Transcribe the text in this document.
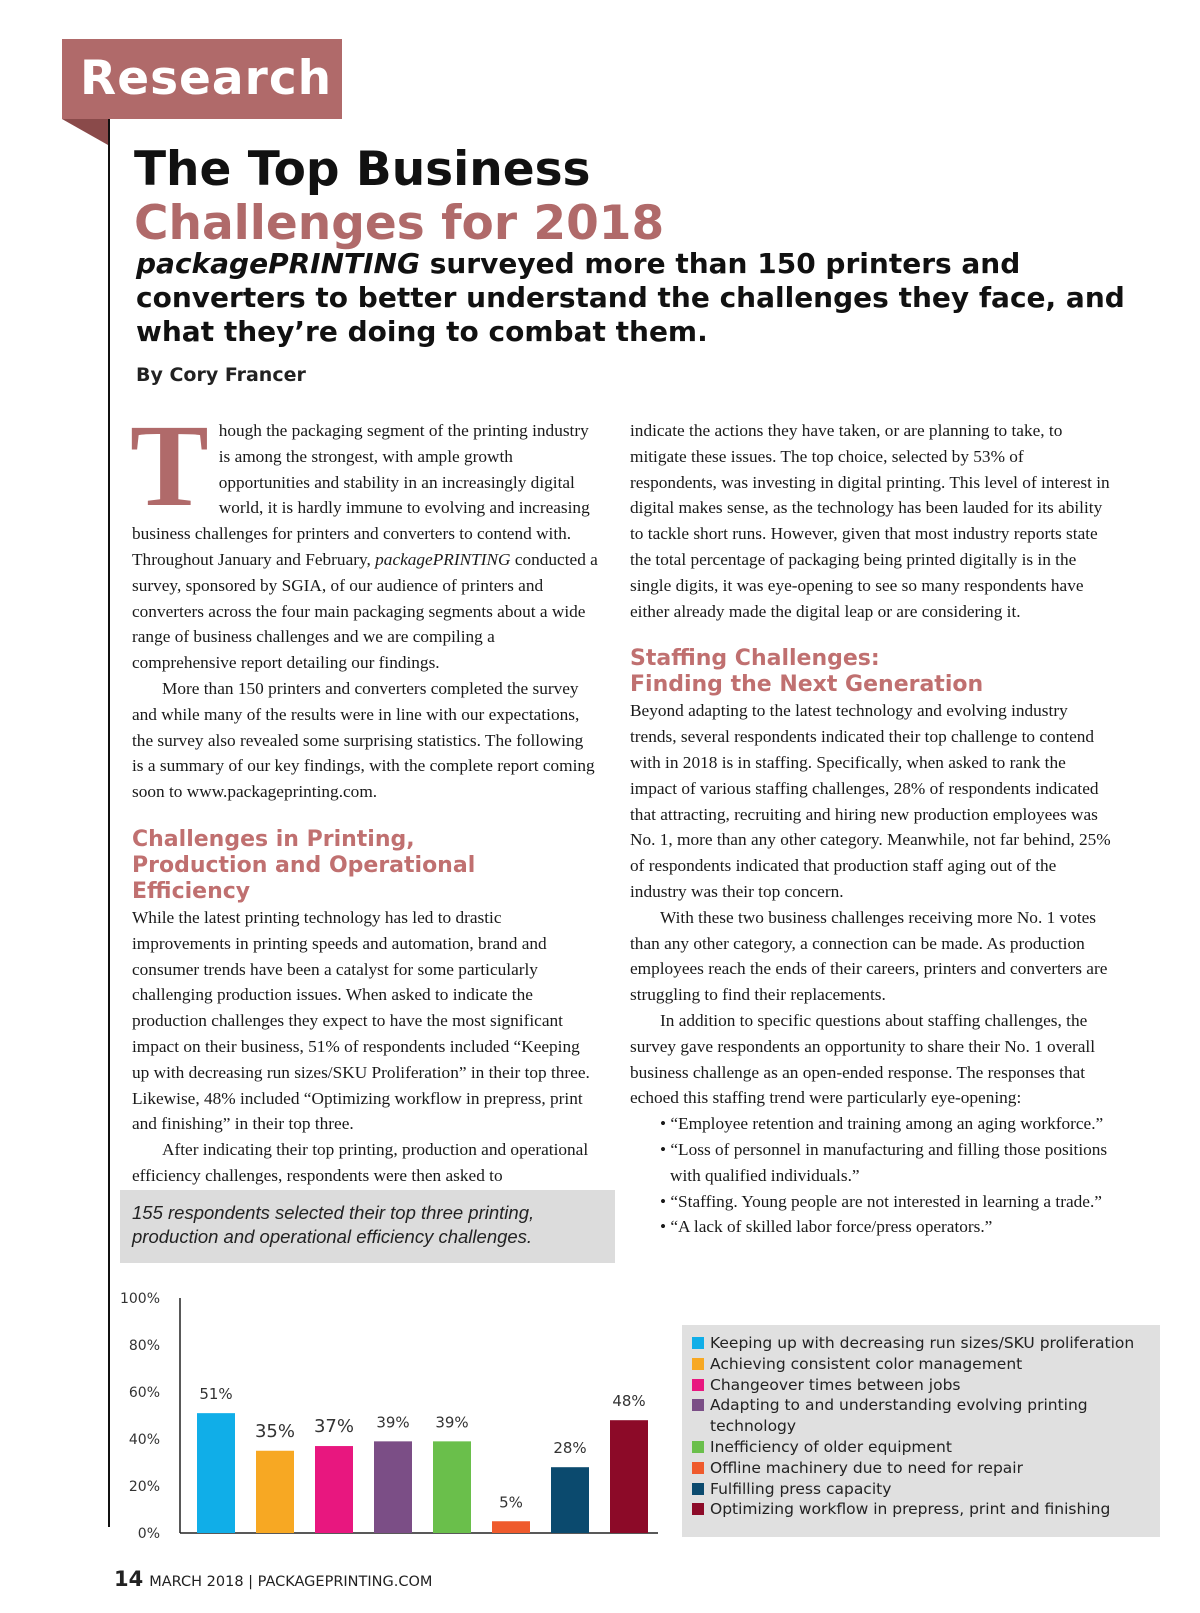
Research
The Top Business
Challenges for 2018
packagePRINTING surveyed more than 150 printers and converters to better understand the challenges they face, and what they’re doing to combat them.
By Cory Francer

Though the packaging segment of the printing industry is among the strongest, with ample growth opportunities and stability in an increasingly digital world, it is hardly immune to evolving and increasing business challenges for printers and converters to contend with. Throughout January and February, packagePRINTING conducted a survey, sponsored by SGIA, of our audience of printers and converters across the four main packaging segments about a wide range of business challenges and we are compiling a comprehensive report detailing our findings.

More than 150 printers and converters completed the survey and while many of the results were in line with our expectations, the survey also revealed some surprising statistics. The following is a summary of our key findings, with the complete report coming soon to www.packageprinting.com.

Challenges in Printing,

Production and Operational Efficiency

While the latest printing technology has led to drastic improvements in printing speeds and automation, brand and consumer trends have been a catalyst for some particularly challenging production issues. When asked to indicate the production challenges they expect to have the most significant impact on their business, 51% of respondents included “Keeping up with decreasing run sizes/SKU Proliferation” in their top three. Likewise, 48% included “Optimizing workflow in prepress, print and finishing” in their top three.

After indicating their top printing, production and operational efficiency challenges, respondents were then asked to

indicate the actions they have taken, or are planning to take, to mitigate these issues. The top choice, selected by 53% of respondents, was investing in digital printing. This level of interest in digital makes sense, as the technology has been lauded for its ability to tackle short runs. However, given that most industry reports state the total percentage of packaging being printed digitally is in the single digits, it was eye-opening to see so many respondents have either already made the digital leap or are considering it.

Staffing Challenges:

Finding the Next Generation

Beyond adapting to the latest technology and evolving industry trends, several respondents indicated their top challenge to contend with in 2018 is in staffing. Specifically, when asked to rank the impact of various staffing challenges, 28% of respondents indicated that attracting, recruiting and hiring new production employees was No. 1, more than any other category. Meanwhile, not far behind, 25% of respondents indicated that production staff aging out of the industry was their top concern.

With these two business challenges receiving more No. 1 votes than any other category, a connection can be made. As production employees reach the ends of their careers, printers and converters are struggling to find their replacements.

In addition to specific questions about staffing challenges, the survey gave respondents an opportunity to share their No. 1 overall business challenge as an open-ended response. The responses that echoed this staffing trend were particularly eye-opening:

• “Employee retention and training among an aging workforce.”
• “Loss of personnel in manufacturing and filling those positions with qualified individuals.”
• “Staffing. Young people are not interested in learning a trade.”
• “A lack of skilled labor force/press operators.”
155 respondents selected their top three printing, production and operational efficiency challenges.
0%
20%
40%
60%
80%
100%
51%
35% 37% 39% 39%
5%
28%
48%
Keeping up with decreasing run sizes/SKU proliferation
Achieving consistent color management
Changeover times between jobs
Adapting to and understanding evolving printing technology
Inefficiency of older equipment
Offline machinery due to need for repair
Fulfilling press capacity
Optimizing workflow in prepress, print and finishing
14 MARCH 2018 | PACKAGEPRINTING.COM
